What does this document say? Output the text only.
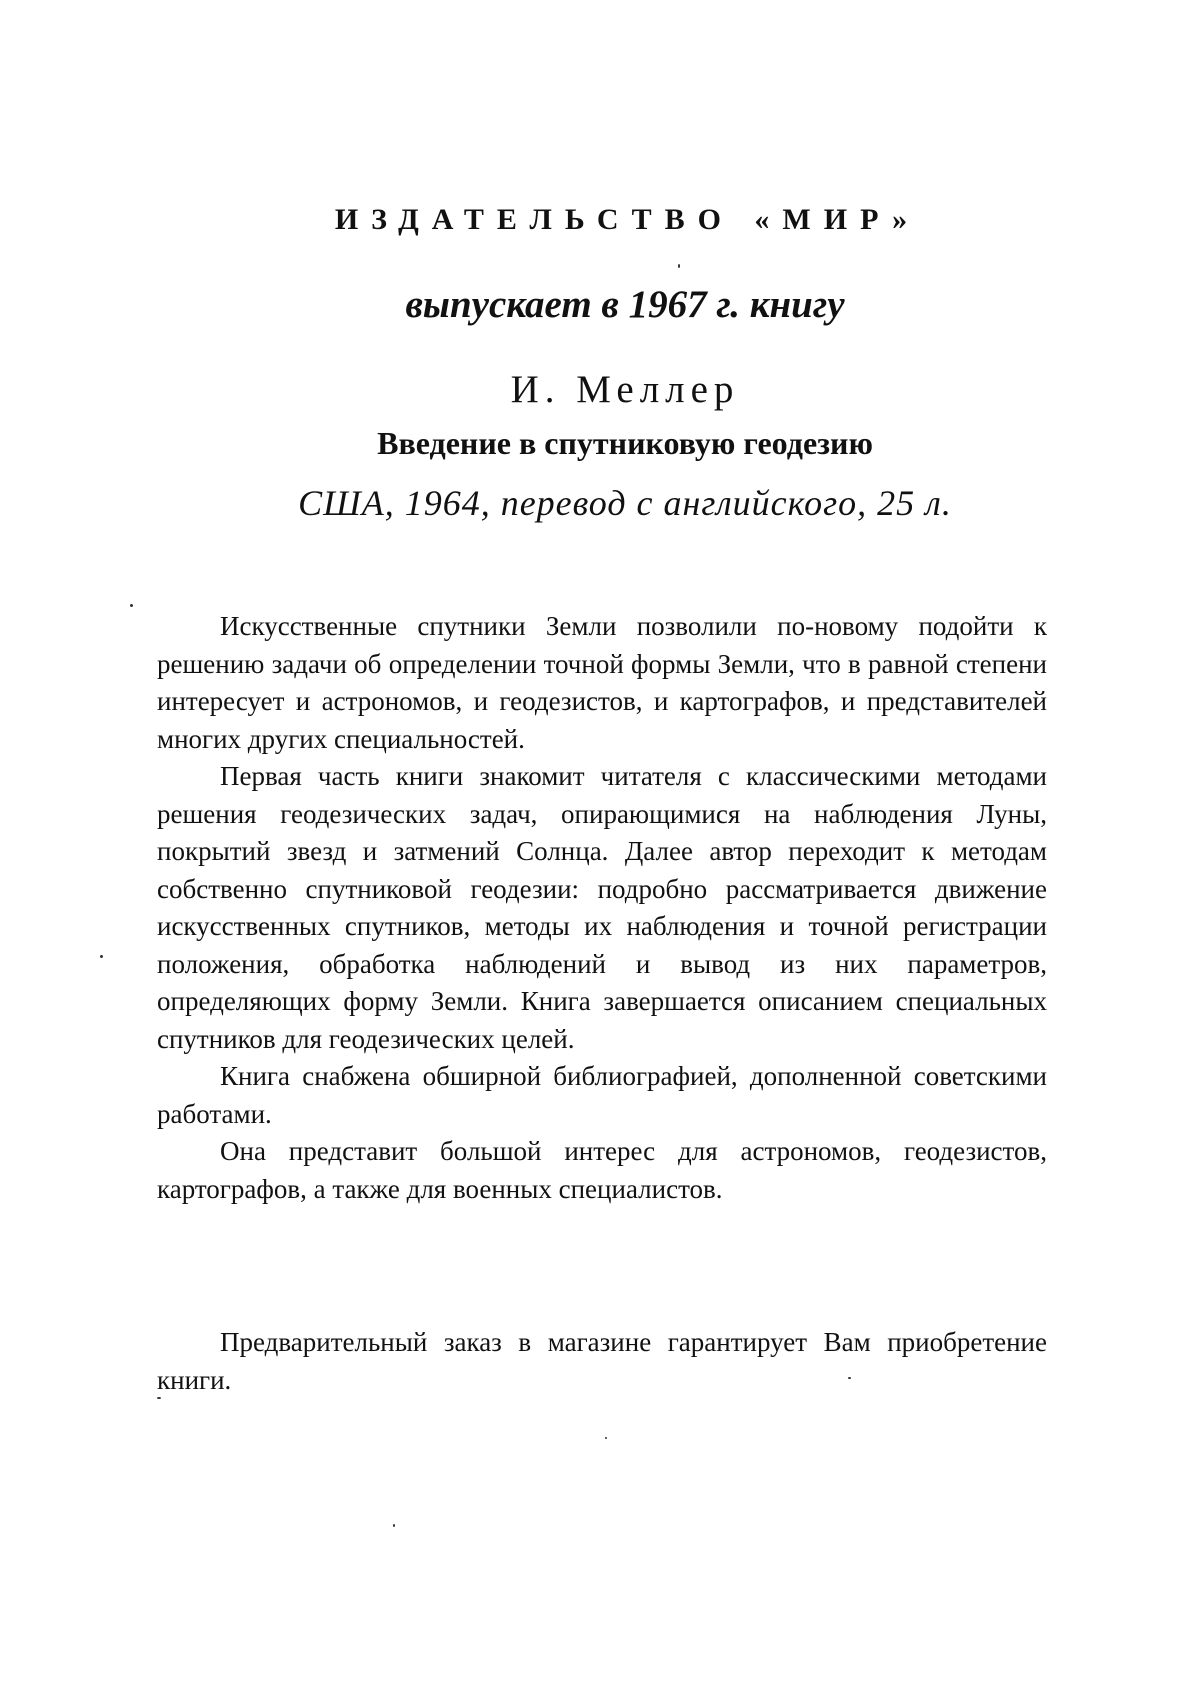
ИЗДАТЕЛЬСТВО «МИР»
выпускает в 1967 г. книгу
И. Меллер
Введение в спутниковую геодезию
США, 1964, перевод с английского, 25 л.

Искусственные спутники Земли позволили по-новому подойти к решению задачи об определении точной формы Земли, что в равной степени интересует и астрономов, и геодезистов, и картографов, и представителей многих других специальностей.

Первая часть книги знакомит читателя с классическими методами решения геодезических задач, опирающимися на наблюдения Луны, покрытий звезд и затмений Солнца. Далее автор переходит к методам собственно спутниковой геодезии: подробно рассматривается движение искусственных спутников, методы их наблюдения и точной регистрации положения, обработка наблюдений и вывод из них параметров, определяющих форму Земли. Книга завершается описанием специальных спутников для геодезических целей.

Книга снабжена обширной библиографией, дополненной советскими работами.

Она представит большой интерес для астрономов, геодезистов, картографов, а также для военных специалистов.

Предварительный заказ в магазине гарантирует Вам приобретение книги.
